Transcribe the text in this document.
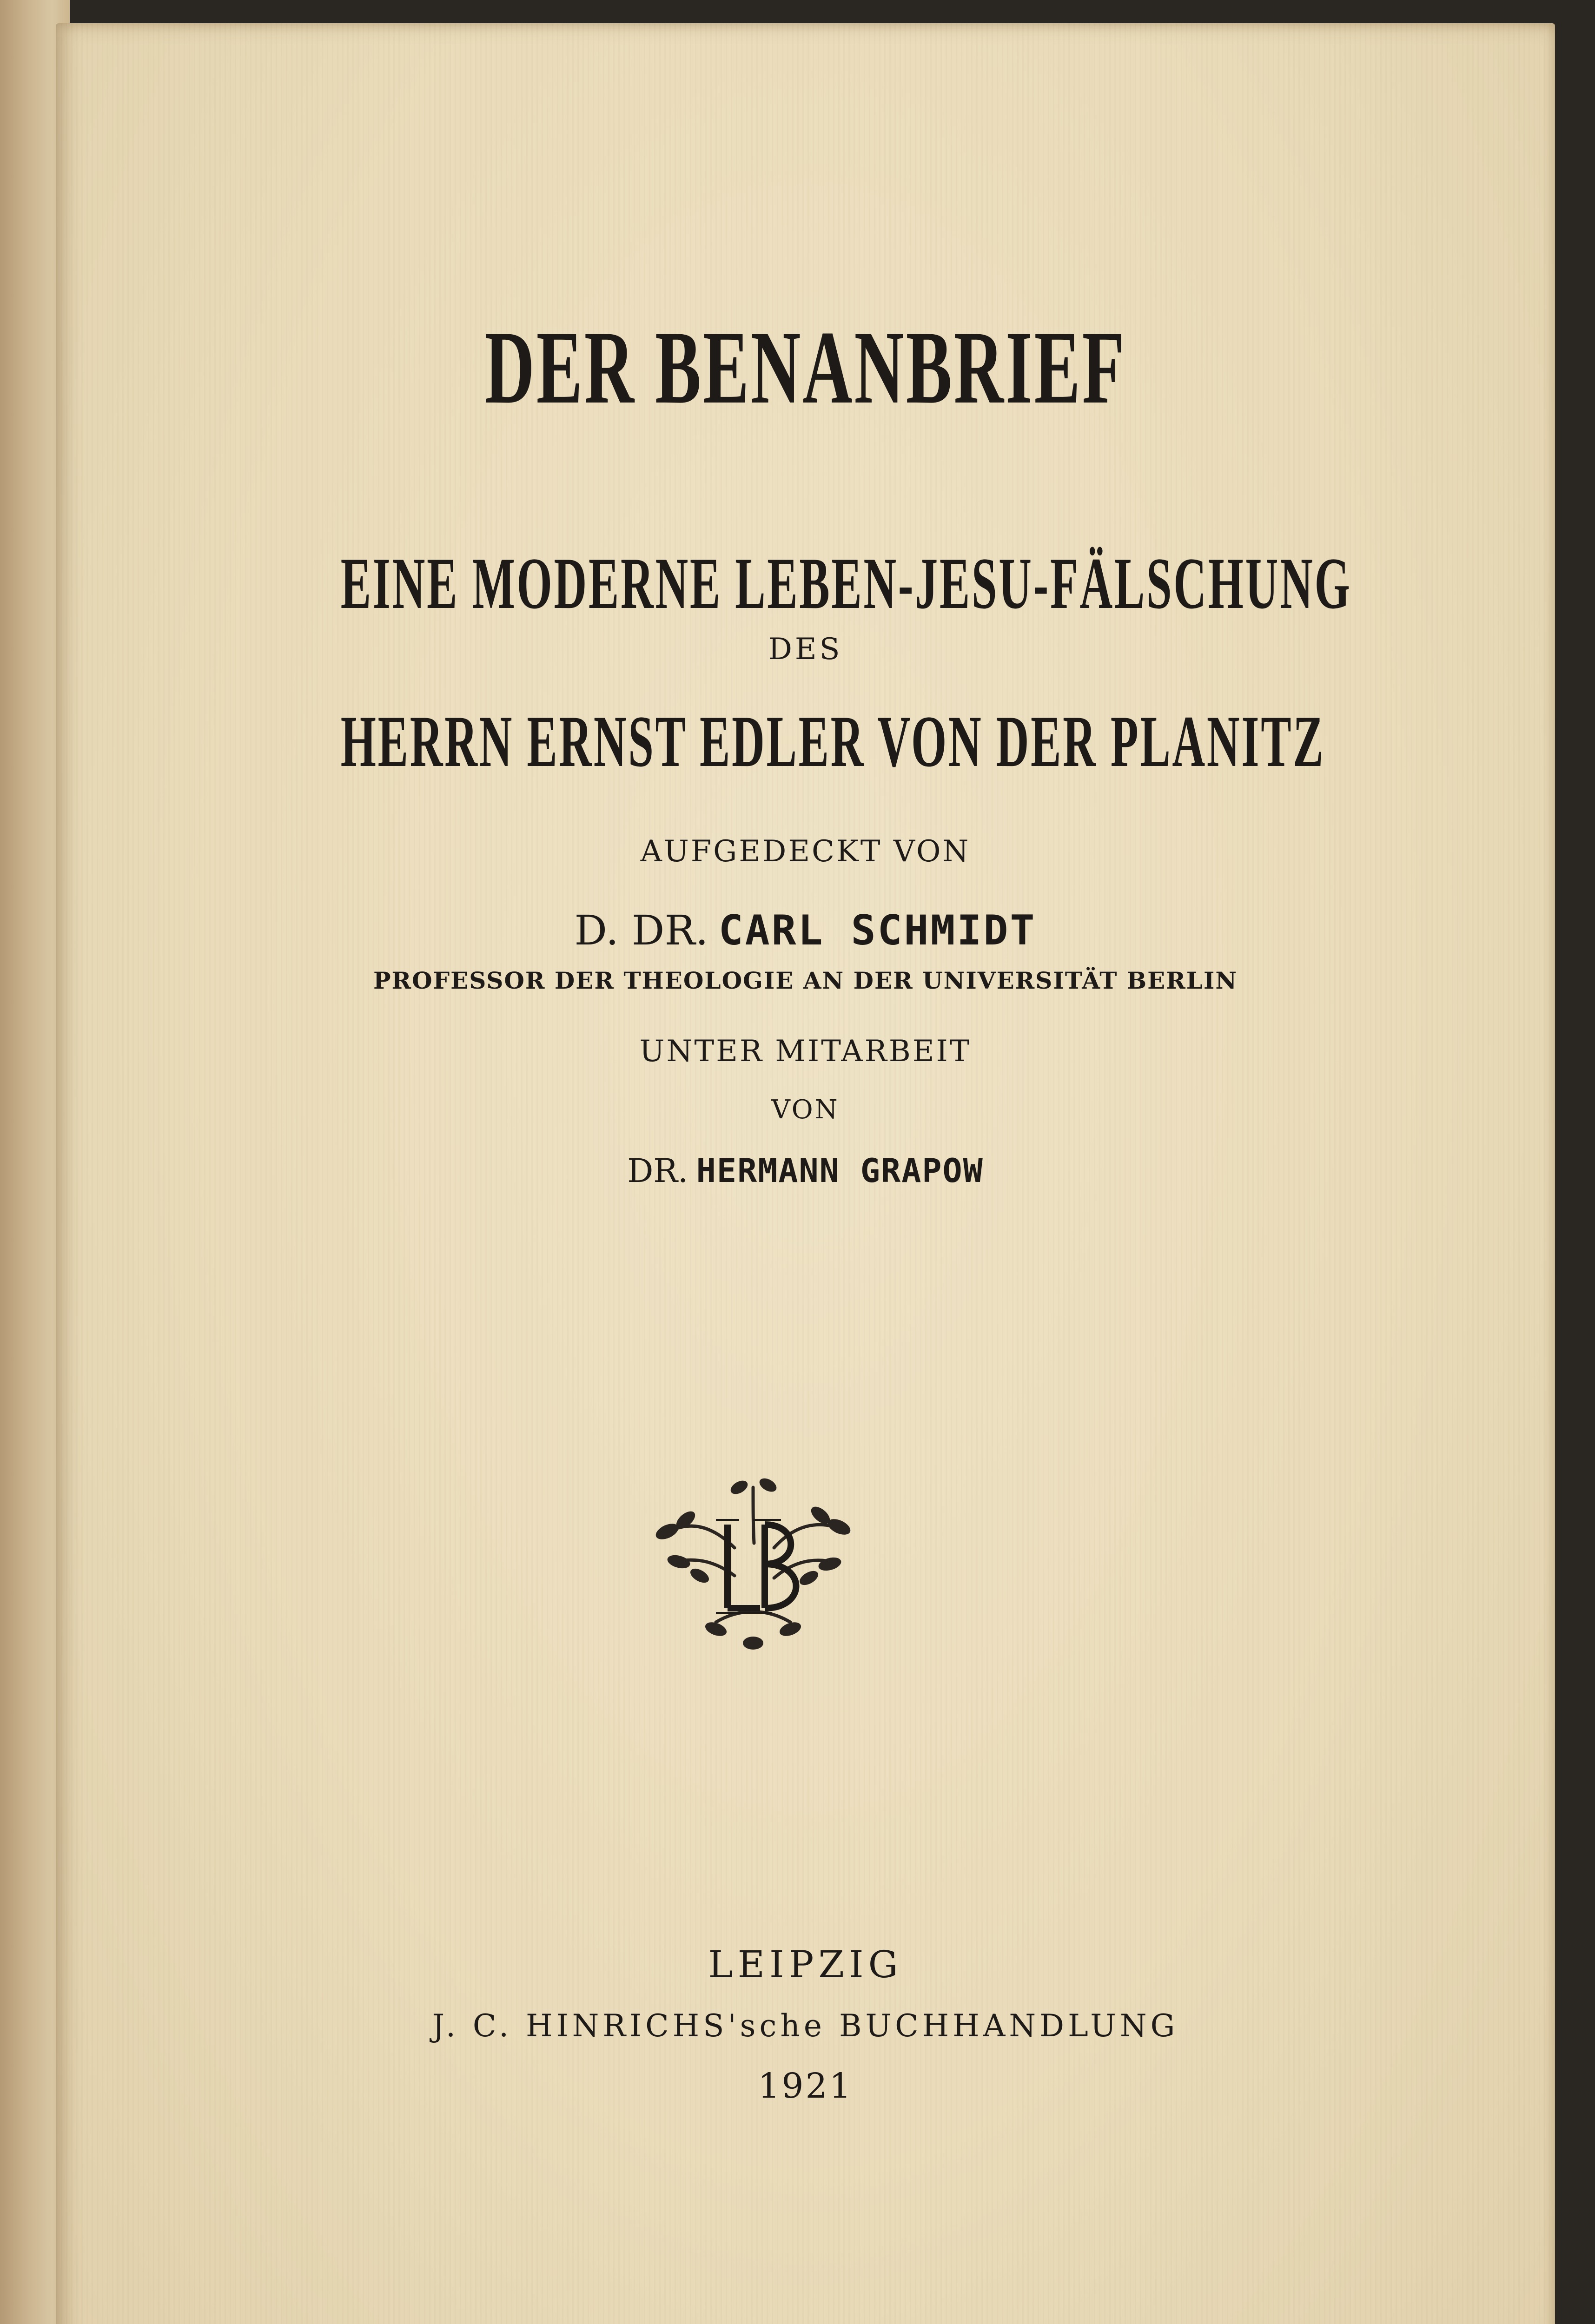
DER BENANBRIEF
EINE MODERNE LEBEN-JESU-FÄLSCHUNG
DES
HERRN ERNST EDLER VON DER PLANITZ
AUFGEDECKT VON
D. DR. CARL SCHMIDT
PROFESSOR DER THEOLOGIE AN DER UNIVERSITÄT BERLIN
UNTER MITARBEIT
VON
DR. HERMANN GRAPOW
LEIPZIG
J. C. HINRICHS'sche BUCHHANDLUNG
1921
